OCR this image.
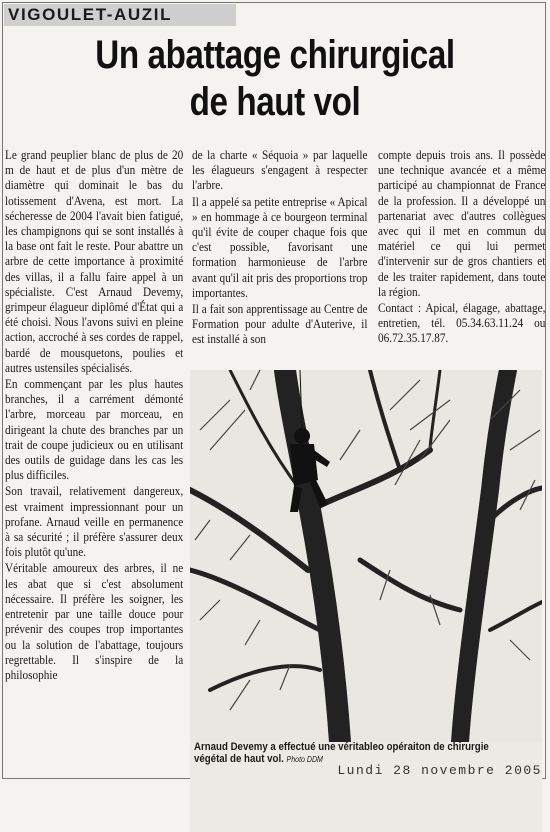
VIGOULET-AUZIL
Un abattage chirurgical
de haut vol

Le grand peuplier blanc de plus de 20 m de haut et de plus d'un mètre de diamètre qui dominait le bas du lotissement d'Avena, est mort. La sécheresse de 2004 l'avait bien fatigué, les champignons qui se sont installés à la base ont fait le reste. Pour abattre un arbre de cette importance à proximité des villas, il a fallu faire appel à un spécialiste. C'est Arnaud Devemy, grimpeur élagueur diplômé d'État qui a été choisi. Nous l'avons suivi en pleine action, accroché à ses cordes de rappel, bardé de mousquetons, poulies et autres ustensiles spécialisés.

En commençant par les plus hautes branches, il a carrément démonté l'arbre, morceau par morceau, en dirigeant la chute des branches par un trait de coupe judicieux ou en utilisant des outils de guidage dans les cas les plus difficiles.

Son travail, relativement dangereux, est vraiment impressionnant pour un profane. Arnaud veille en permanence à sa sécurité ; il préfère s'assurer deux fois plutôt qu'une.

Véritable amoureux des arbres, il ne les abat que si c'est absolument nécessaire. Il préfère les soigner, les entretenir par une taille douce pour prévenir des coupes trop importantes ou la solution de l'abattage, toujours regrettable. Il s'inspire de la philosophie

de la charte « Séquoia » par laquelle les élagueurs s'engagent à respecter l'arbre.

Il a appelé sa petite entreprise « Apical » en hommage à ce bourgeon terminal qu'il évite de couper chaque fois que c'est possible, favorisant une formation harmonieuse de l'arbre avant qu'il ait pris des proportions trop importantes.

Il a fait son apprentissage au Centre de Formation pour adulte d'Auterive, il est installé à son

compte depuis trois ans. Il possède une technique avancée et a même participé au championnat de France de la profession. Il a développé un partenariat avec d'autres collègues avec qui il met en commun du matériel ce qui lui permet d'intervenir sur de gros chantiers et de les traiter rapidement, dans toute la région.

Contact : Apical, élagage, abattage, entretien, tél. 05.34.63.11.24 ou 06.72.35.17.87.

Arnaud Devemy a effectué une véritableo opéraiton de chirurgie végétal de haut vol. Photo DDM
Lundi 28 novembre 2005
